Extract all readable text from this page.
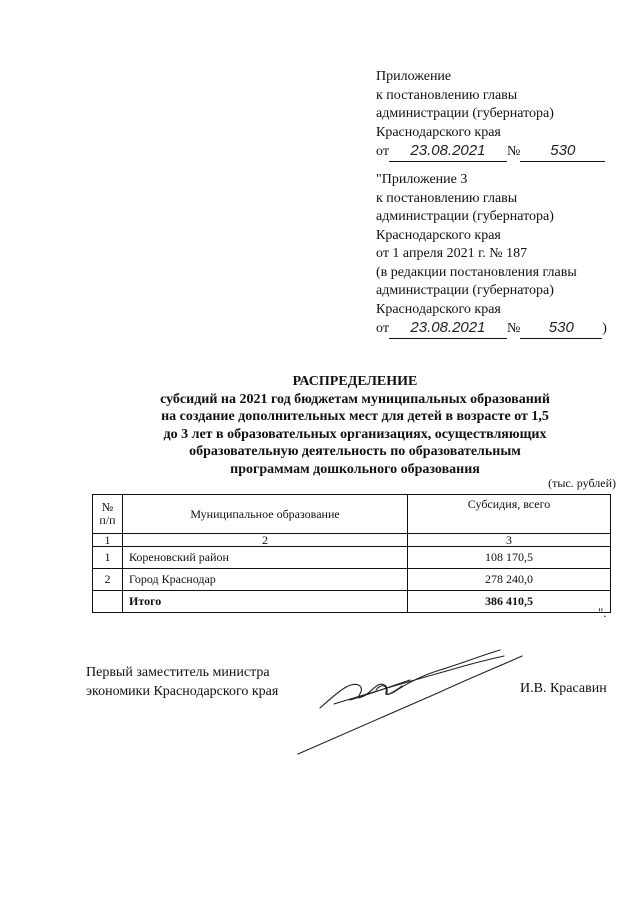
Приложение
к постановлению главы
администрации (губернатора)
Краснодарского края
от 23.08.2021 № 530
"Приложение 3
к постановлению главы
администрации (губернатора)
Краснодарского края
от 1 апреля 2021 г. № 187
(в редакции постановления главы
администрации (губернатора)
Краснодарского края
от 23.08.2021 № 530 )
РАСПРЕДЕЛЕНИЕ
субсидий на 2021 год бюджетам муниципальных образований
на создание дополнительных мест для детей в возрасте от 1,5
до 3 лет в образовательных организациях, осуществляющих
образовательную деятельность по образовательным
программам дошкольного образования
(тыс. рублей)
№
п/п	Муниципальное образование	Субсидия, всего
1	2	3
1	Кореновский район	108 170,5
2	Город Краснодар	278 240,0
	Итого	386 410,5
".
Первый заместитель министра
экономики Краснодарского края	И.В. Красавин
